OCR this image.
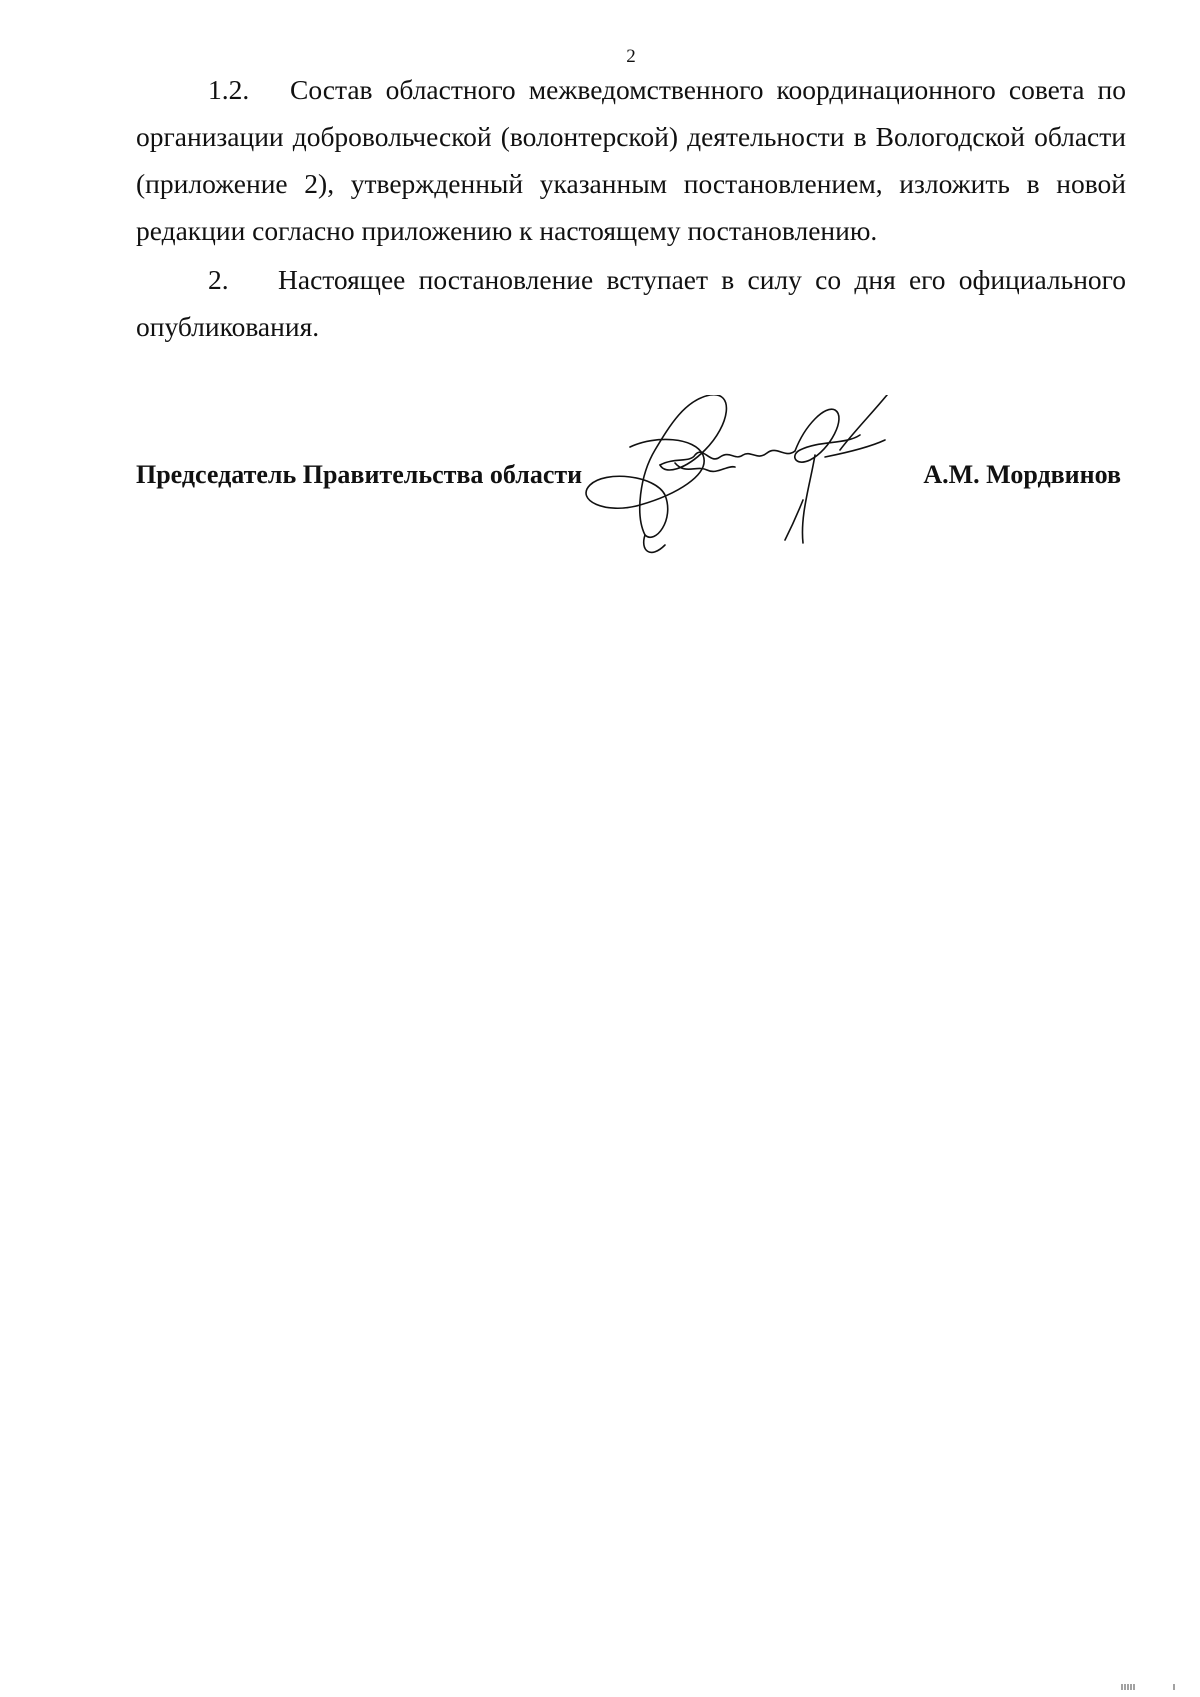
2

1.2. Состав областного межведомственного координационного совета по организации добровольческой (волонтерской) деятельности в Вологодской области (приложение 2), утвержденный указанным постановлением, изложить в новой редакции согласно приложению к настоящему постановлению.

2. Настоящее постановление вступает в силу со дня его официального опубликования.

Председатель Правительства области	А.М. Мордвинов
